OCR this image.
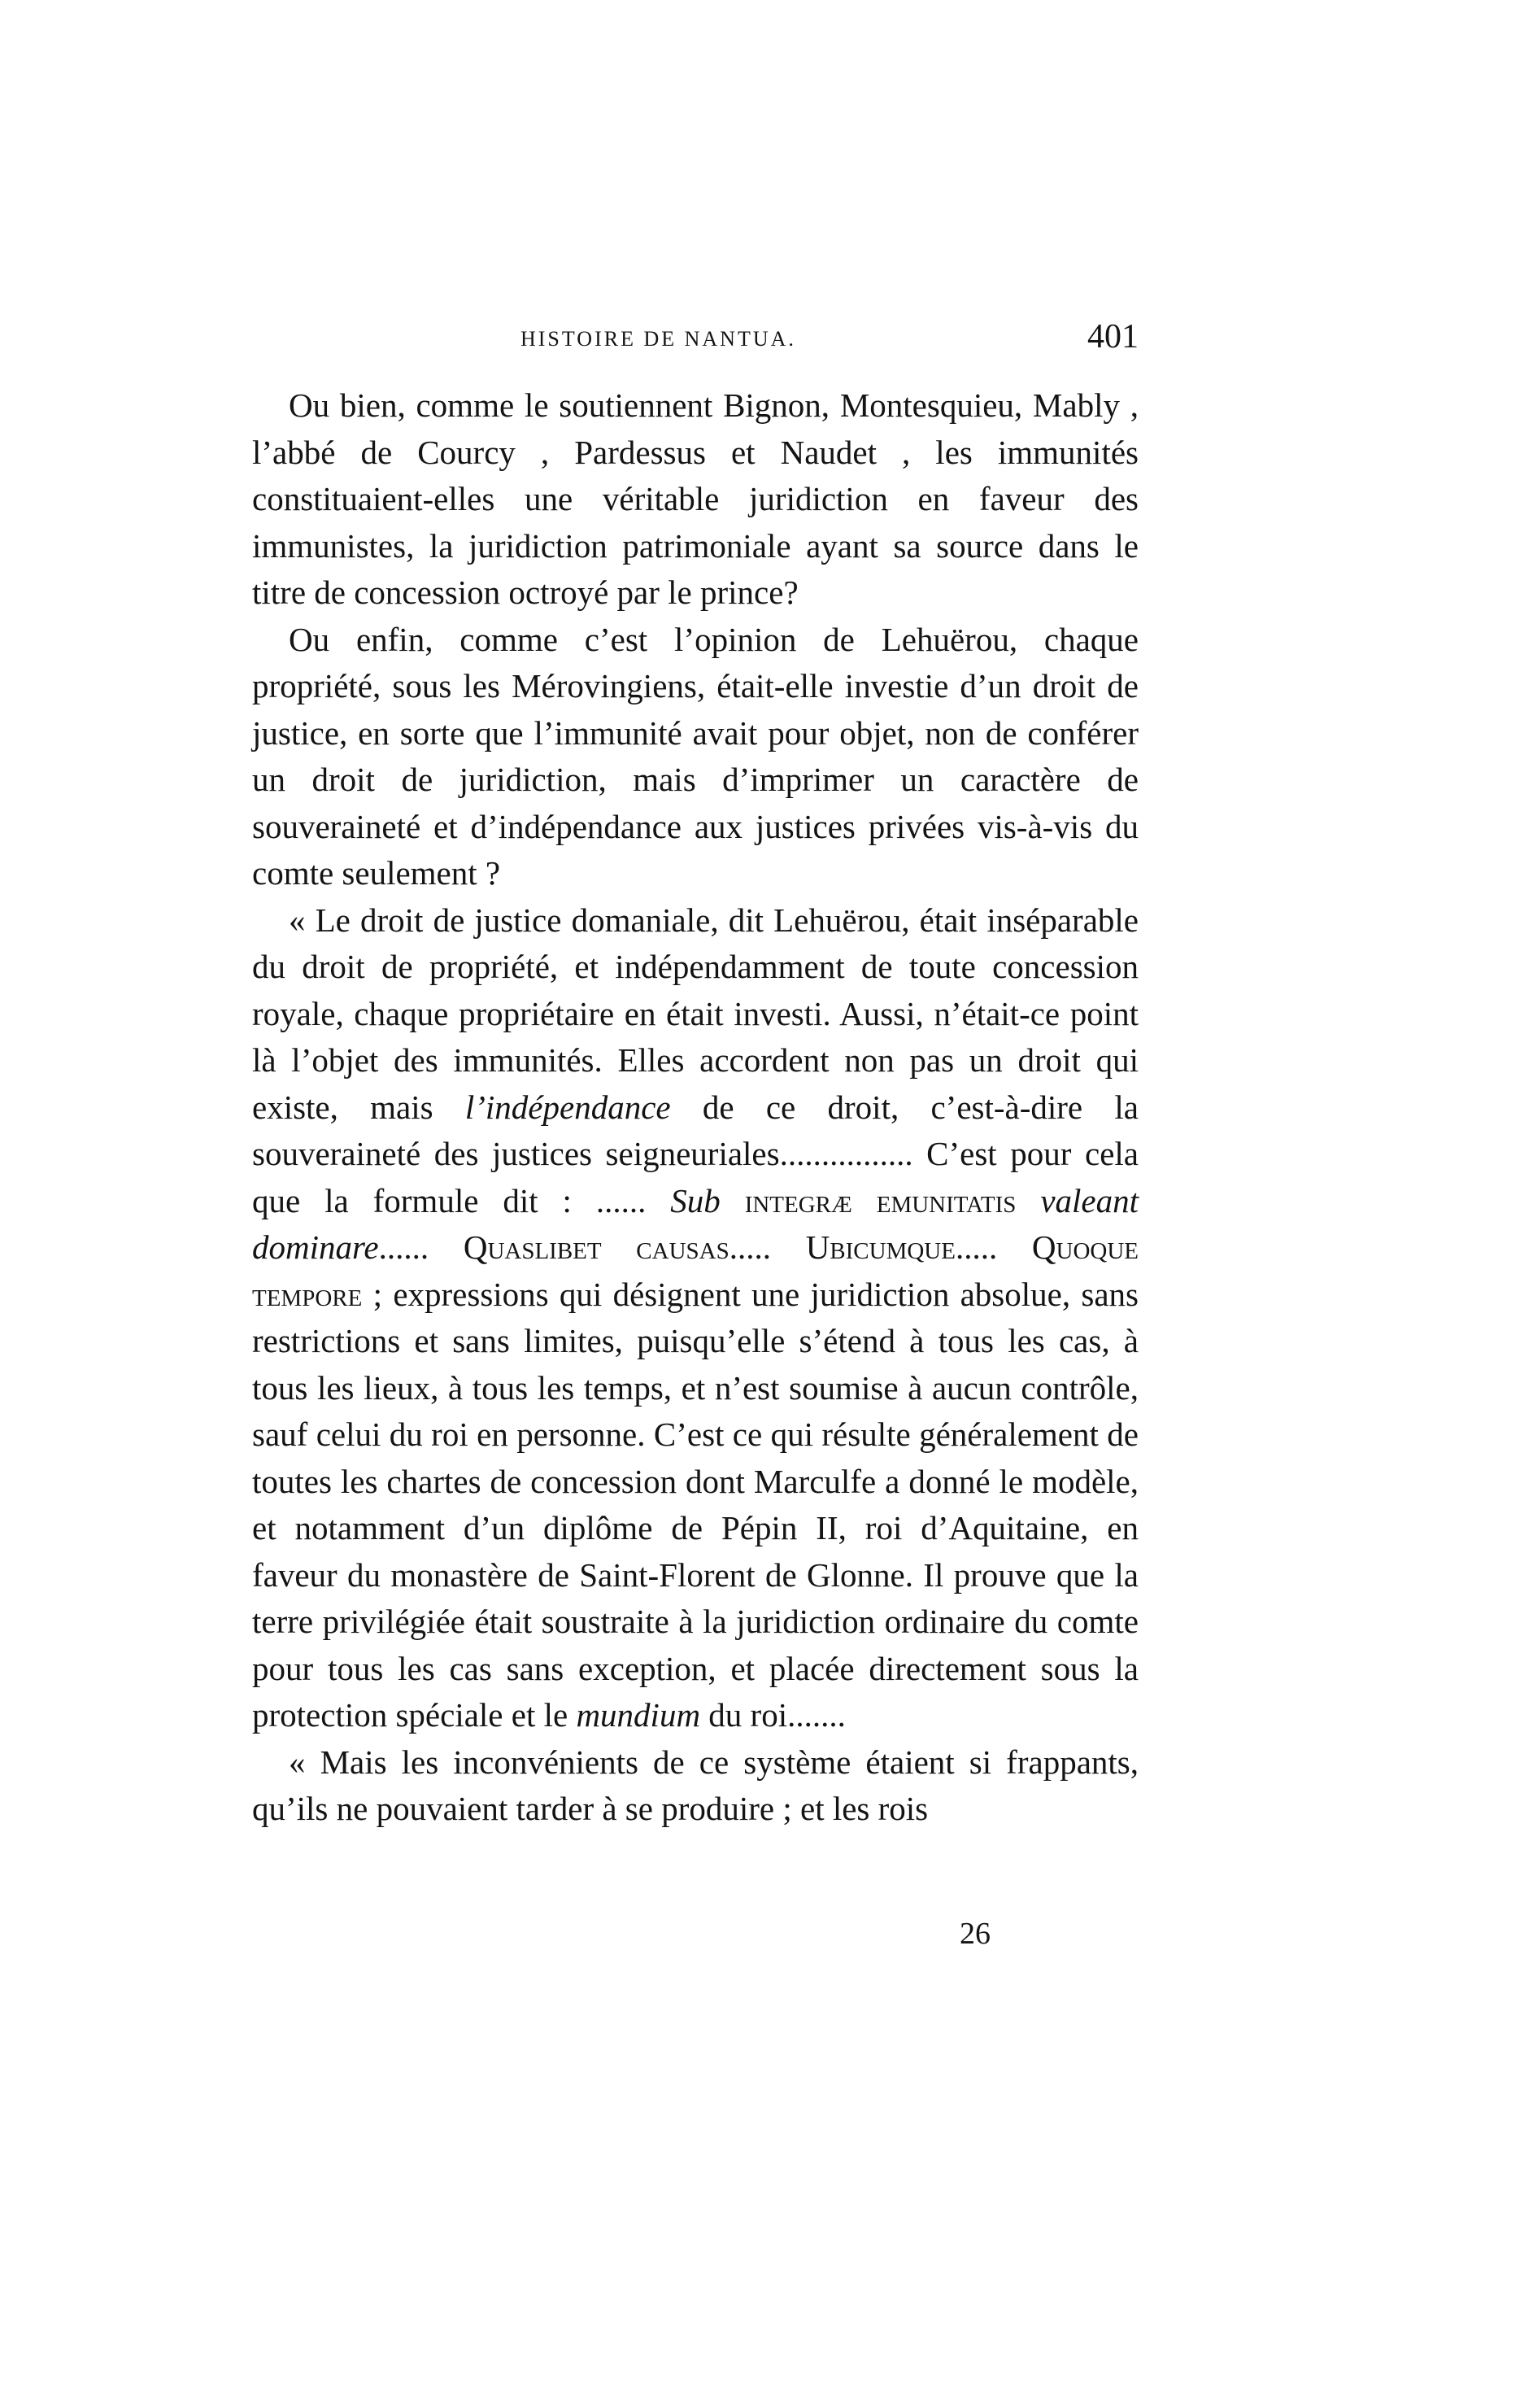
HISTOIRE DE NANTUA.	401

Ou bien, comme le soutiennent Bignon, Montesquieu, Mably , l’abbé de Courcy , Pardessus et Naudet , les immunités constituaient-elles une véritable juridiction en faveur des immunistes, la juridiction patrimoniale ayant sa source dans le titre de concession octroyé par le prince?

Ou enfin, comme c’est l’opinion de Lehuërou, chaque propriété, sous les Mérovingiens, était-elle investie d’un droit de justice, en sorte que l’immunité avait pour objet, non de conférer un droit de juridiction, mais d’imprimer un caractère de souveraineté et d’indépendance aux justices privées vis-à-vis du comte seulement ?

« Le droit de justice domaniale, dit Lehuërou, était inséparable du droit de propriété, et indépendamment de toute concession royale, chaque propriétaire en était investi. Aussi, n’était-ce point là l’objet des immunités. Elles accordent non pas un droit qui existe, mais l’indépendance de ce droit, c’est-à-dire la souveraineté des justices seigneuriales................ C’est pour cela que la formule dit : ...... Sub integræ emunitatis valeant dominare...... Quaslibet causas..... Ubicumque..... Quoque tempore ; expressions qui désignent une juridiction absolue, sans restrictions et sans limites, puisqu’elle s’étend à tous les cas, à tous les lieux, à tous les temps, et n’est soumise à aucun contrôle, sauf celui du roi en personne. C’est ce qui résulte généralement de toutes les chartes de concession dont Marculfe a donné le modèle, et notamment d’un diplôme de Pépin II, roi d’Aquitaine, en faveur du monastère de Saint-Florent de Glonne. Il prouve que la terre privilégiée était soustraite à la juridiction ordinaire du comte pour tous les cas sans exception, et placée directement sous la protection spéciale et le mundium du roi.......

« Mais les inconvénients de ce système étaient si frappants, qu’ils ne pouvaient tarder à se produire ; et les rois

26
